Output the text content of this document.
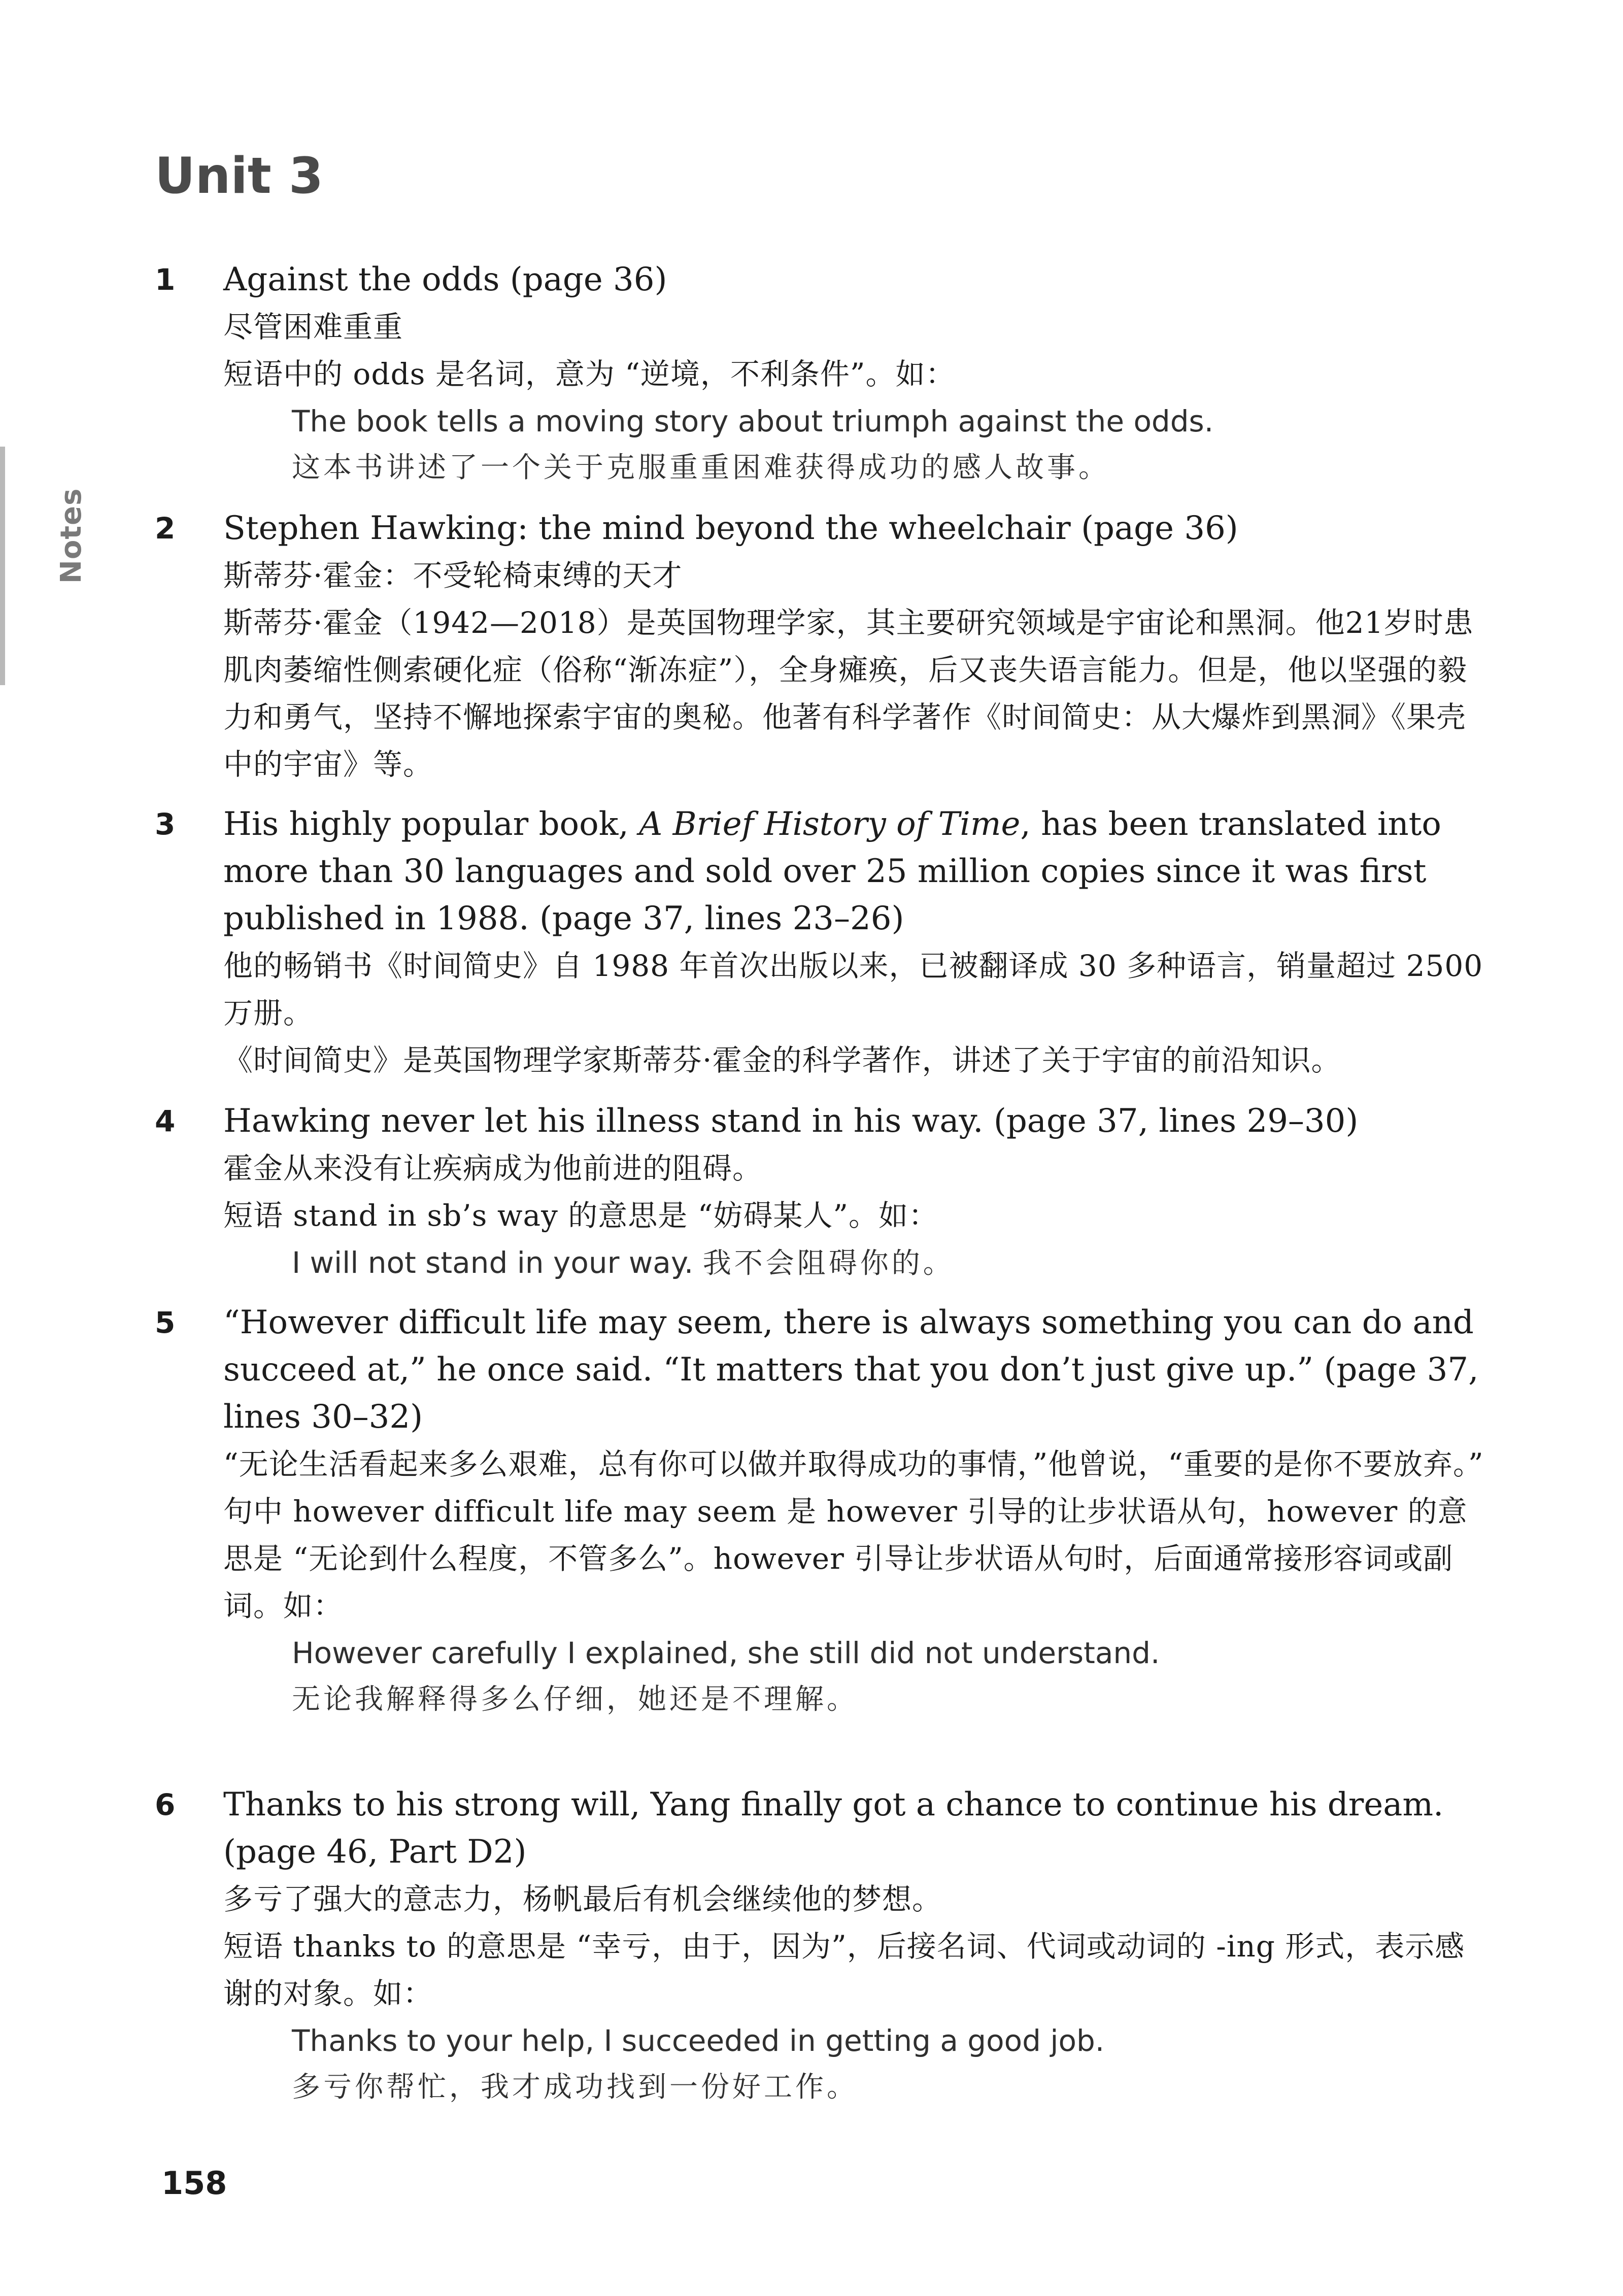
Notes
Unit 3
1	Against the odds (page 36)
尽管困难重重
短语中的 odds 是名词，意为 “逆境，不利条件”。如：
The book tells a moving story about triumph against the odds.
这本书讲述了一个关于克服重重困难获得成功的感人故事。
2	Stephen Hawking: the mind beyond the wheelchair (page 36)
斯蒂芬·霍金：不受轮椅束缚的天才
斯蒂芬·霍金（1942—2018）是英国物理学家，其主要研究领域是宇宙论和黑洞。他21岁时患肌肉萎缩性侧索硬化症（俗称“渐冻症”），全身瘫痪，后又丧失语言能力。但是，他以坚强的毅力和勇气，坚持不懈地探索宇宙的奥秘。他著有科学著作《时间简史：从大爆炸到黑洞》《果壳中的宇宙》等。
3	His highly popular book, A Brief History of Time, has been translated into more than 30 languages and sold over 25 million copies since it was first published in 1988. (page 37, lines 23–26)
他的畅销书《时间简史》自 1988 年首次出版以来，已被翻译成 30 多种语言，销量超过 2500 万册。
《时间简史》是英国物理学家斯蒂芬·霍金的科学著作，讲述了关于宇宙的前沿知识。
4	Hawking never let his illness stand in his way. (page 37, lines 29–30)
霍金从来没有让疾病成为他前进的阻碍。
短语 stand in sb’s way 的意思是 “妨碍某人”。如：
I will not stand in your way. 我不会阻碍你的。
5	“However difficult life may seem, there is always something you can do and succeed at,” he once said. “It matters that you don’t just give up.” (page 37, lines 30–32)
“无论生活看起来多么艰难，总有你可以做并取得成功的事情，”他曾说，“重要的是你不要放弃。”
句中 however difficult life may seem 是 however 引导的让步状语从句，however 的意思是 “无论到什么程度，不管多么”。however 引导让步状语从句时，后面通常接形容词或副词。如：
However carefully I explained, she still did not understand.
无论我解释得多么仔细，她还是不理解。
6	Thanks to his strong will, Yang finally got a chance to continue his dream. (page 46, Part D2)
多亏了强大的意志力，杨帆最后有机会继续他的梦想。
短语 thanks to 的意思是 “幸亏，由于，因为”，后接名词、代词或动词的 -ing 形式，表示感谢的对象。如：
Thanks to your help, I succeeded in getting a good job.
多亏你帮忙，我才成功找到一份好工作。
158
